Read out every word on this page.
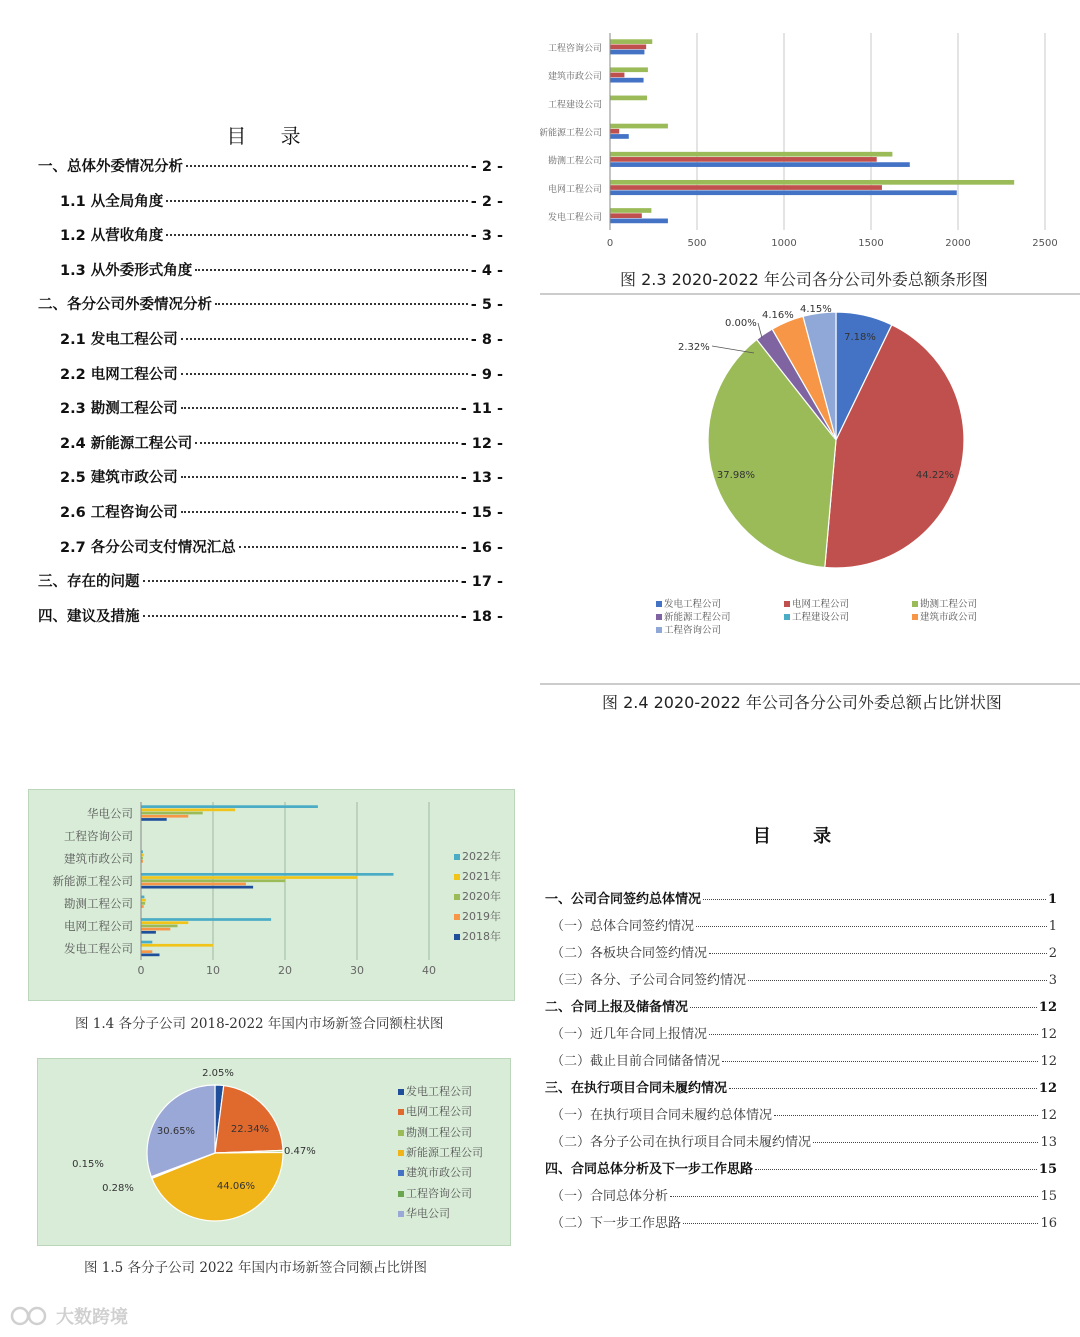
目 录
一、总体外委情况分析	- 2 -
1.1 从全局角度	- 2 -
1.2 从营收角度	- 3 -
1.3 从外委形式角度	- 4 -
二、各分公司外委情况分析	- 5 -
2.1 发电工程公司	- 8 -
2.2 电网工程公司	- 9 -
2.3 勘测工程公司	- 11 -
2.4 新能源工程公司	- 12 -
2.5 建筑市政公司	- 13 -
2.6 工程咨询公司	- 15 -
2.7 各分公司支付情况汇总	- 16 -
三、存在的问题	- 17 -
四、建议及措施	- 18 -
0	500	1000	1500	2000	2500
工程咨询公司
建筑市政公司
工程建设公司
新能源工程公司
勘测工程公司
电网工程公司
发电工程公司
图 2.3 2020-2022 年公司各分公司外委总额条形图
7.18%
44.22%
37.98%
2.32%
0.00%
4.16%
4.15%
发电工程公司	电网工程公司	勘测工程公司
新能源工程公司	工程建设公司	建筑市政公司
工程咨询公司
图 2.4 2020-2022 年公司各分公司外委总额占比饼状图
0	10	20	30	40
华电公司
工程咨询公司
建筑市政公司
新能源工程公司
勘测工程公司
电网工程公司
发电工程公司
2022年
2021年
2020年
2019年
2018年
图 1.4 各分子公司 2018-2022 年国内市场新签合同额柱状图
2.05%
22.34%
0.47%
44.06%
0.28%
0.15%
30.65%
发电工程公司
电网工程公司
勘测工程公司
新能源工程公司
建筑市政公司
工程咨询公司
华电公司
图 1.5 各分子公司 2022 年国内市场新签合同额占比饼图
目 录
一、公司合同签约总体情况	1
（一）总体合同签约情况	1
（二）各板块合同签约情况	2
（三）各分、子公司合同签约情况	3
二、合同上报及储备情况	12
（一）近几年合同上报情况	12
（二）截止目前合同储备情况	12
三、在执行项目合同未履约情况	12
（一）在执行项目合同未履约总体情况	12
（二）各分子公司在执行项目合同未履约情况	13
四、合同总体分析及下一步工作思路	15
（一）合同总体分析	15
（二）下一步工作思路	16
大数跨境
